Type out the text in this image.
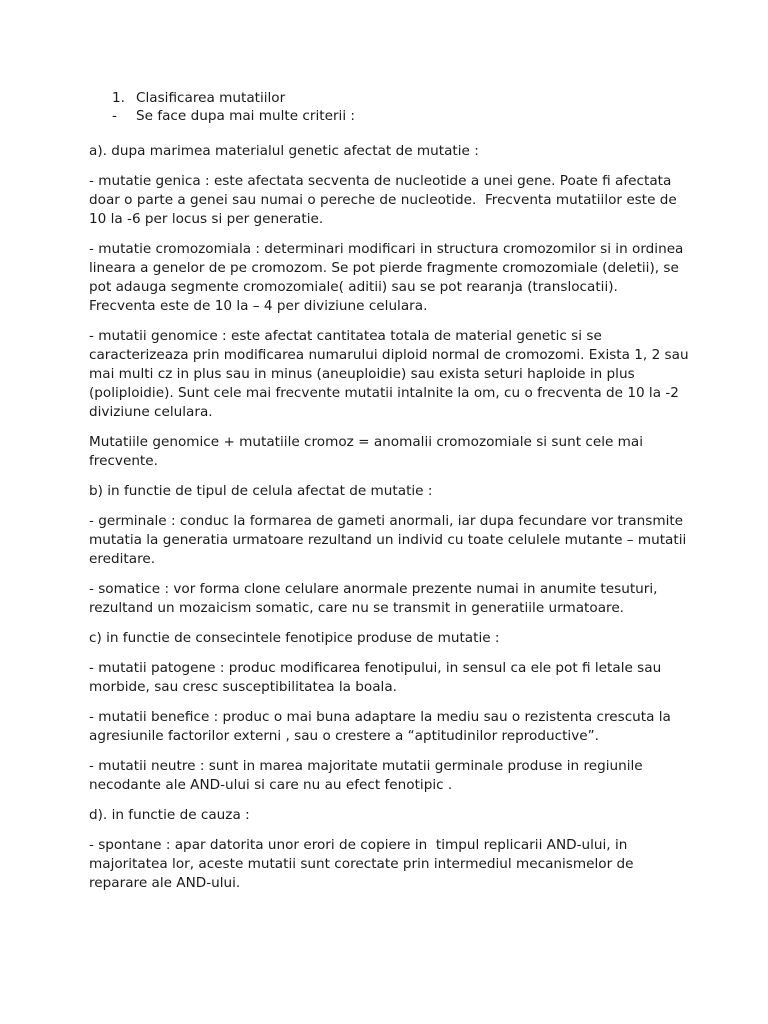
1. Clasificarea mutatiilor
- Se face dupa mai multe criterii :

a). dupa marimea materialul genetic afectat de mutatie :

- mutatie genica : este afectata secventa de nucleotide a unei gene. Poate fi afectata doar o parte a genei sau numai o pereche de nucleotide.  Frecventa mutatiilor este de 10 la -6 per locus si per generatie.

- mutatie cromozomiala : determinari modificari in structura cromozomilor si in ordinea lineara a genelor de pe cromozom. Se pot pierde fragmente cromozomiale (deletii), se pot adauga segmente cromozomiale( aditii) sau se pot rearanja (translocatii).  Frecventa este de 10 la – 4 per diviziune celulara.

- mutatii genomice : este afectat cantitatea totala de material genetic si se caracterizeaza prin modificarea numarului diploid normal de cromozomi. Exista 1, 2 sau mai multi cz in plus sau in minus (aneuploidie) sau exista seturi haploide in plus (poliploidie). Sunt cele mai frecvente mutatii intalnite la om, cu o frecventa de 10 la -2 diviziune celulara.

Mutatiile genomice + mutatiile cromoz = anomalii cromozomiale si sunt cele mai frecvente.

b) in functie de tipul de celula afectat de mutatie :

- germinale : conduc la formarea de gameti anormali, iar dupa fecundare vor transmite mutatia la generatia urmatoare rezultand un individ cu toate celulele mutante – mutatii ereditare.

- somatice : vor forma clone celulare anormale prezente numai in anumite tesuturi, rezultand un mozaicism somatic, care nu se transmit in generatiile urmatoare.

c) in functie de consecintele fenotipice produse de mutatie :

- mutatii patogene : produc modificarea fenotipului, in sensul ca ele pot fi letale sau morbide, sau cresc susceptibilitatea la boala.

- mutatii benefice : produc o mai buna adaptare la mediu sau o rezistenta crescuta la agresiunile factorilor externi , sau o crestere a “aptitudinilor reproductive”.

- mutatii neutre : sunt in marea majoritate mutatii germinale produse in regiunile necodante ale AND-ului si care nu au efect fenotipic .

d). in functie de cauza :

- spontane : apar datorita unor erori de copiere in  timpul replicarii AND-ului, in majoritatea lor, aceste mutatii sunt corectate prin intermediul mecanismelor de reparare ale AND-ului.
